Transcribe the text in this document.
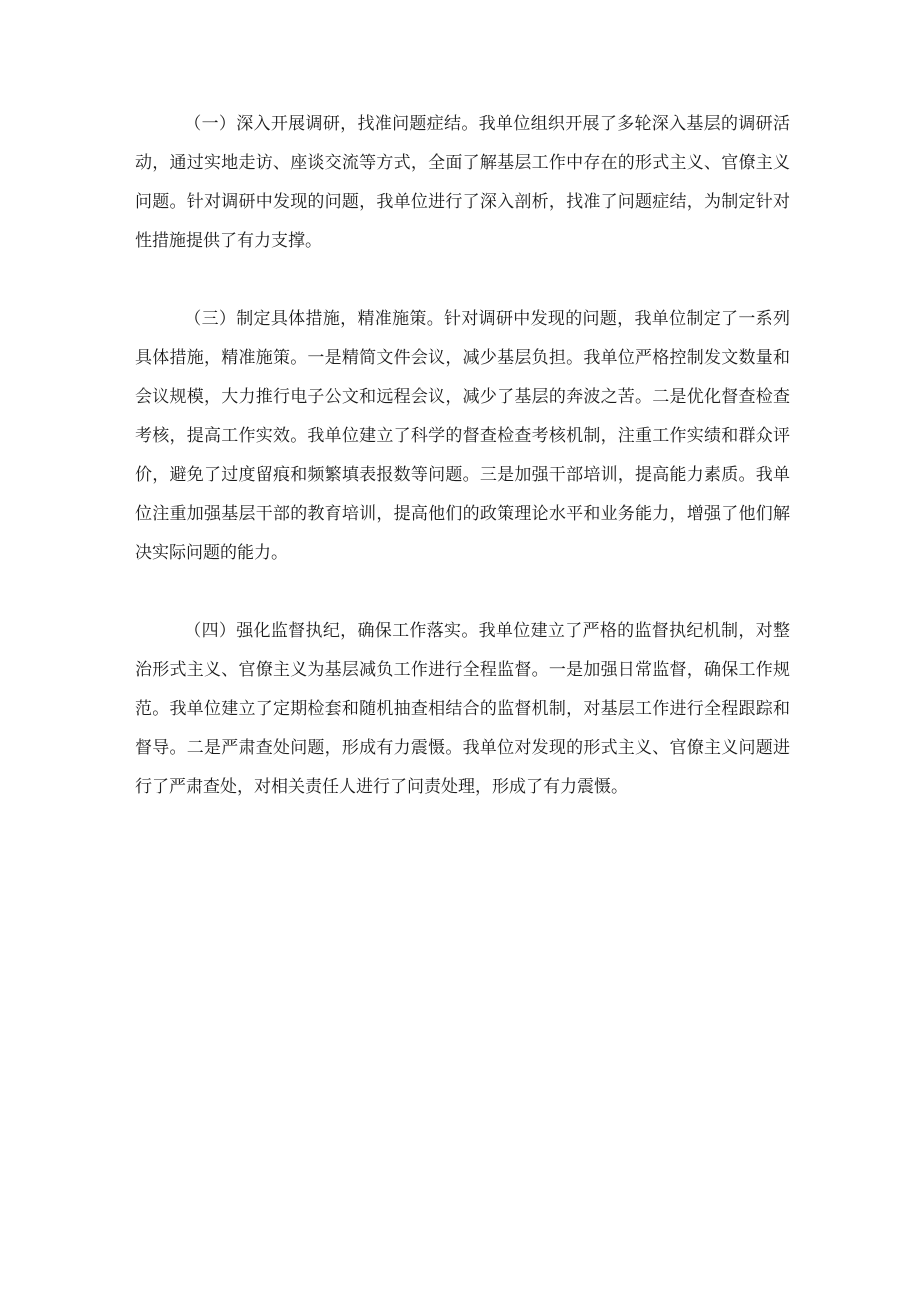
（一）深入开展调研，找准问题症结。我单位组织开展了多轮深入基层的调研活动，通过实地走访、座谈交流等方式，全面了解基层工作中存在的形式主义、官僚主义问题。针对调研中发现的问题，我单位进行了深入剖析，找准了问题症结，为制定针对性措施提供了有力支撑。

（三）制定具体措施，精准施策。针对调研中发现的问题，我单位制定了一系列具体措施，精准施策。一是精简文件会议，减少基层负担。我单位严格控制发文数量和会议规模，大力推行电子公文和远程会议，减少了基层的奔波之苦。二是优化督查检查考核，提高工作实效。我单位建立了科学的督查检查考核机制，注重工作实绩和群众评价，避免了过度留痕和频繁填表报数等问题。三是加强干部培训，提高能力素质。我单位注重加强基层干部的教育培训，提高他们的政策理论水平和业务能力，增强了他们解决实际问题的能力。

（四）强化监督执纪，确保工作落实。我单位建立了严格的监督执纪机制，对整治形式主义、官僚主义为基层减负工作进行全程监督。一是加强日常监督，确保工作规范。我单位建立了定期检套和随机抽查相结合的监督机制，对基层工作进行全程跟踪和督导。二是严肃查处问题，形成有力震慑。我单位对发现的形式主义、官僚主义问题进行了严肃查处，对相关责任人进行了问责处理，形成了有力震慑。
